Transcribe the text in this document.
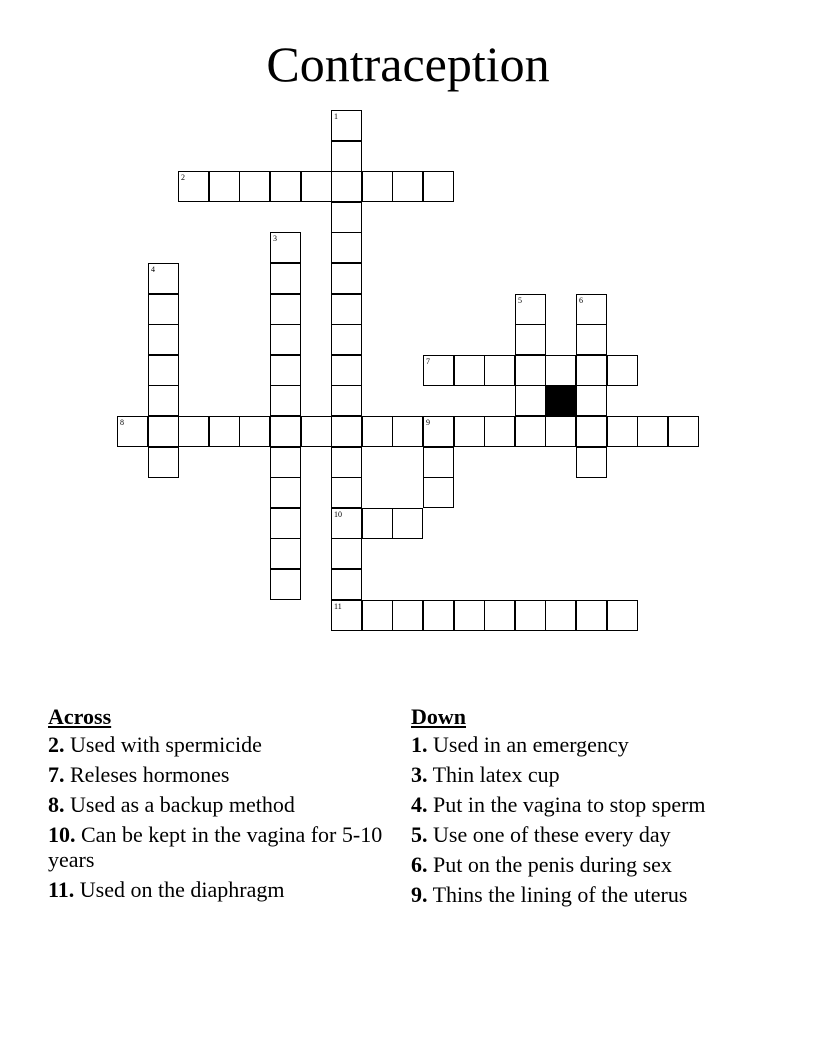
Contraception
2
7
8	9
10
11
1
3
4
5	6
Across
2. Used with spermicide
7. Releses hormones
8. Used as a backup method
10. Can be kept in the vagina for 5-10 years
11. Used on the diaphragm
Down
1. Used in an emergency
3. Thin latex cup
4. Put in the vagina to stop sperm
5. Use one of these every day
6. Put on the penis during sex
9. Thins the lining of the uterus
